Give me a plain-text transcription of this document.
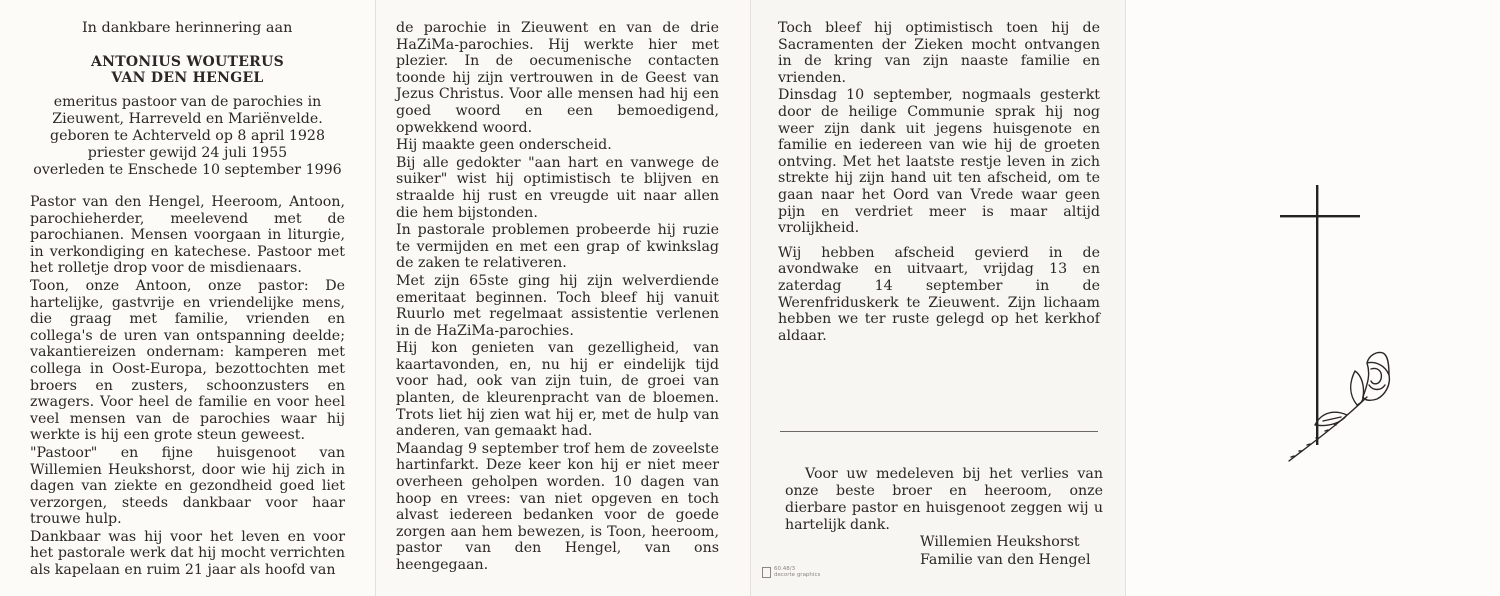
In dankbare herinnering aan
ANTONIUS WOUTERUS
VAN DEN HENGEL
emeritus pastoor van de parochies in
Zieuwent, Harreveld en Mariënvelde.
geboren te Achterveld op 8 april 1928
priester gewijd 24 juli 1955
overleden te Enschede 10 september 1996

Pastor van den Hengel, Heeroom, Antoon, parochieherder, meelevend met de parochianen. Mensen voorgaan in liturgie, in verkondiging en katechese. Pastoor met het rolletje drop voor de misdienaars.

Toon, onze Antoon, onze pastor: De hartelijke, gastvrije en vriendelijke mens, die graag met familie, vrienden en collega's de uren van ontspanning deelde; vakantiereizen ondernam: kamperen met collega in Oost-Europa, bezottochten met broers en zusters, schoonzusters en zwagers. Voor heel de familie en voor heel veel mensen van de parochies waar hij werkte is hij een grote steun geweest.

"Pastoor" en fijne huisgenoot van Willemien Heukshorst, door wie hij zich in dagen van ziekte en gezondheid goed liet verzorgen, steeds dankbaar voor haar trouwe hulp.

Dankbaar was hij voor het leven en voor het pastorale werk dat hij mocht verrichten als kapelaan en ruim 21 jaar als hoofd van

de parochie in Zieuwent en van de drie HaZiMa-parochies. Hij werkte hier met plezier. In de oecumenische contacten toonde hij zijn vertrouwen in de Geest van Jezus Christus. Voor alle mensen had hij een goed woord en een bemoedigend, opwekkend woord.

Hij maakte geen onderscheid.

Bij alle gedokter "aan hart en vanwege de suiker" wist hij optimistisch te blijven en straalde hij rust en vreugde uit naar allen die hem bijstonden.

In pastorale problemen probeerde hij ruzie te vermijden en met een grap of kwinkslag de zaken te relativeren.

Met zijn 65ste ging hij zijn welverdiende emeritaat beginnen. Toch bleef hij vanuit Ruurlo met regelmaat assistentie verlenen in de HaZiMa-parochies.

Hij kon genieten van gezelligheid, van kaartavonden, en, nu hij er eindelijk tijd voor had, ook van zijn tuin, de groei van planten, de kleurenpracht van de bloemen. Trots liet hij zien wat hij er, met de hulp van anderen, van gemaakt had.

Maandag 9 september trof hem de zoveelste hartinfarkt. Deze keer kon hij er niet meer overheen geholpen worden. 10 dagen van hoop en vrees: van niet opgeven en toch alvast iedereen bedanken voor de goede zorgen aan hem bewezen, is Toon, heeroom, pastor van den Hengel, van ons heengegaan.

Toch bleef hij optimistisch toen hij de Sacramenten der Zieken mocht ontvangen in de kring van zijn naaste familie en vrienden.

Dinsdag 10 september, nogmaals gesterkt door de heilige Communie sprak hij nog weer zijn dank uit jegens huisgenote en familie en iedereen van wie hij de groeten ontving. Met het laatste restje leven in zich strekte hij zijn hand uit ten afscheid, om te gaan naar het Oord van Vrede waar geen pijn en verdriet meer is maar altijd vrolijkheid.

Wij hebben afscheid gevierd in de avondwake en uitvaart, vrijdag 13 en zaterdag 14 september in de Werenfriduskerk te Zieuwent. Zijn lichaam hebben we ter ruste gelegd op het kerkhof aldaar.

Voor uw medeleven bij het verlies van onze beste broer en heeroom, onze dierbare pastor en huisgenoot zeggen wij u hartelijk dank.
Willemien Heukshorst
Familie van den Hengel
60.48/3
decorte graphics
